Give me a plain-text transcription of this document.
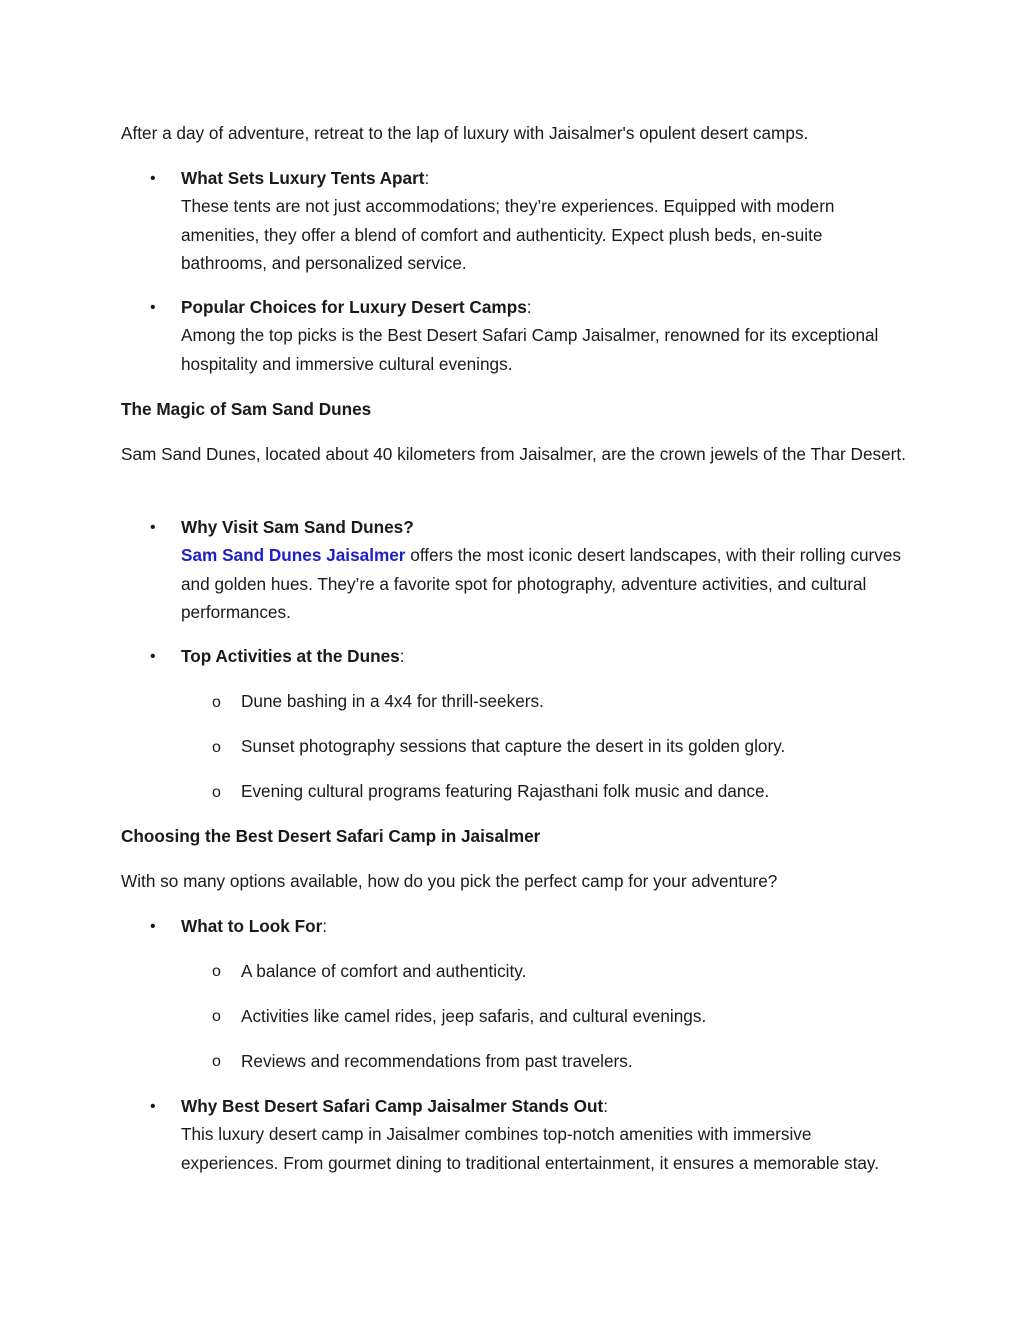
After a day of adventure, retreat to the lap of luxury with Jaisalmer's opulent desert camps.

• What Sets Luxury Tents Apart:
These tents are not just accommodations; they’re experiences. Equipped with modern amenities, they offer a blend of comfort and authenticity. Expect plush beds, en-suite bathrooms, and personalized service.
• Popular Choices for Luxury Desert Camps:
Among the top picks is the Best Desert Safari Camp Jaisalmer, renowned for its exceptional hospitality and immersive cultural evenings.

The Magic of Sam Sand Dunes

Sam Sand Dunes, located about 40 kilometers from Jaisalmer, are the crown jewels of the Thar Desert.

• Why Visit Sam Sand Dunes?
Sam Sand Dunes Jaisalmer offers the most iconic desert landscapes, with their rolling curves and golden hues. They’re a favorite spot for photography, adventure activities, and cultural performances.
• Top Activities at the Dunes:
o Dune bashing in a 4x4 for thrill-seekers.
o Sunset photography sessions that capture the desert in its golden glory.
o Evening cultural programs featuring Rajasthani folk music and dance.

Choosing the Best Desert Safari Camp in Jaisalmer

With so many options available, how do you pick the perfect camp for your adventure?

• What to Look For:
o A balance of comfort and authenticity.
o Activities like camel rides, jeep safaris, and cultural evenings.
o Reviews and recommendations from past travelers.
• Why Best Desert Safari Camp Jaisalmer Stands Out:
This luxury desert camp in Jaisalmer combines top-notch amenities with immersive experiences. From gourmet dining to traditional entertainment, it ensures a memorable stay.
